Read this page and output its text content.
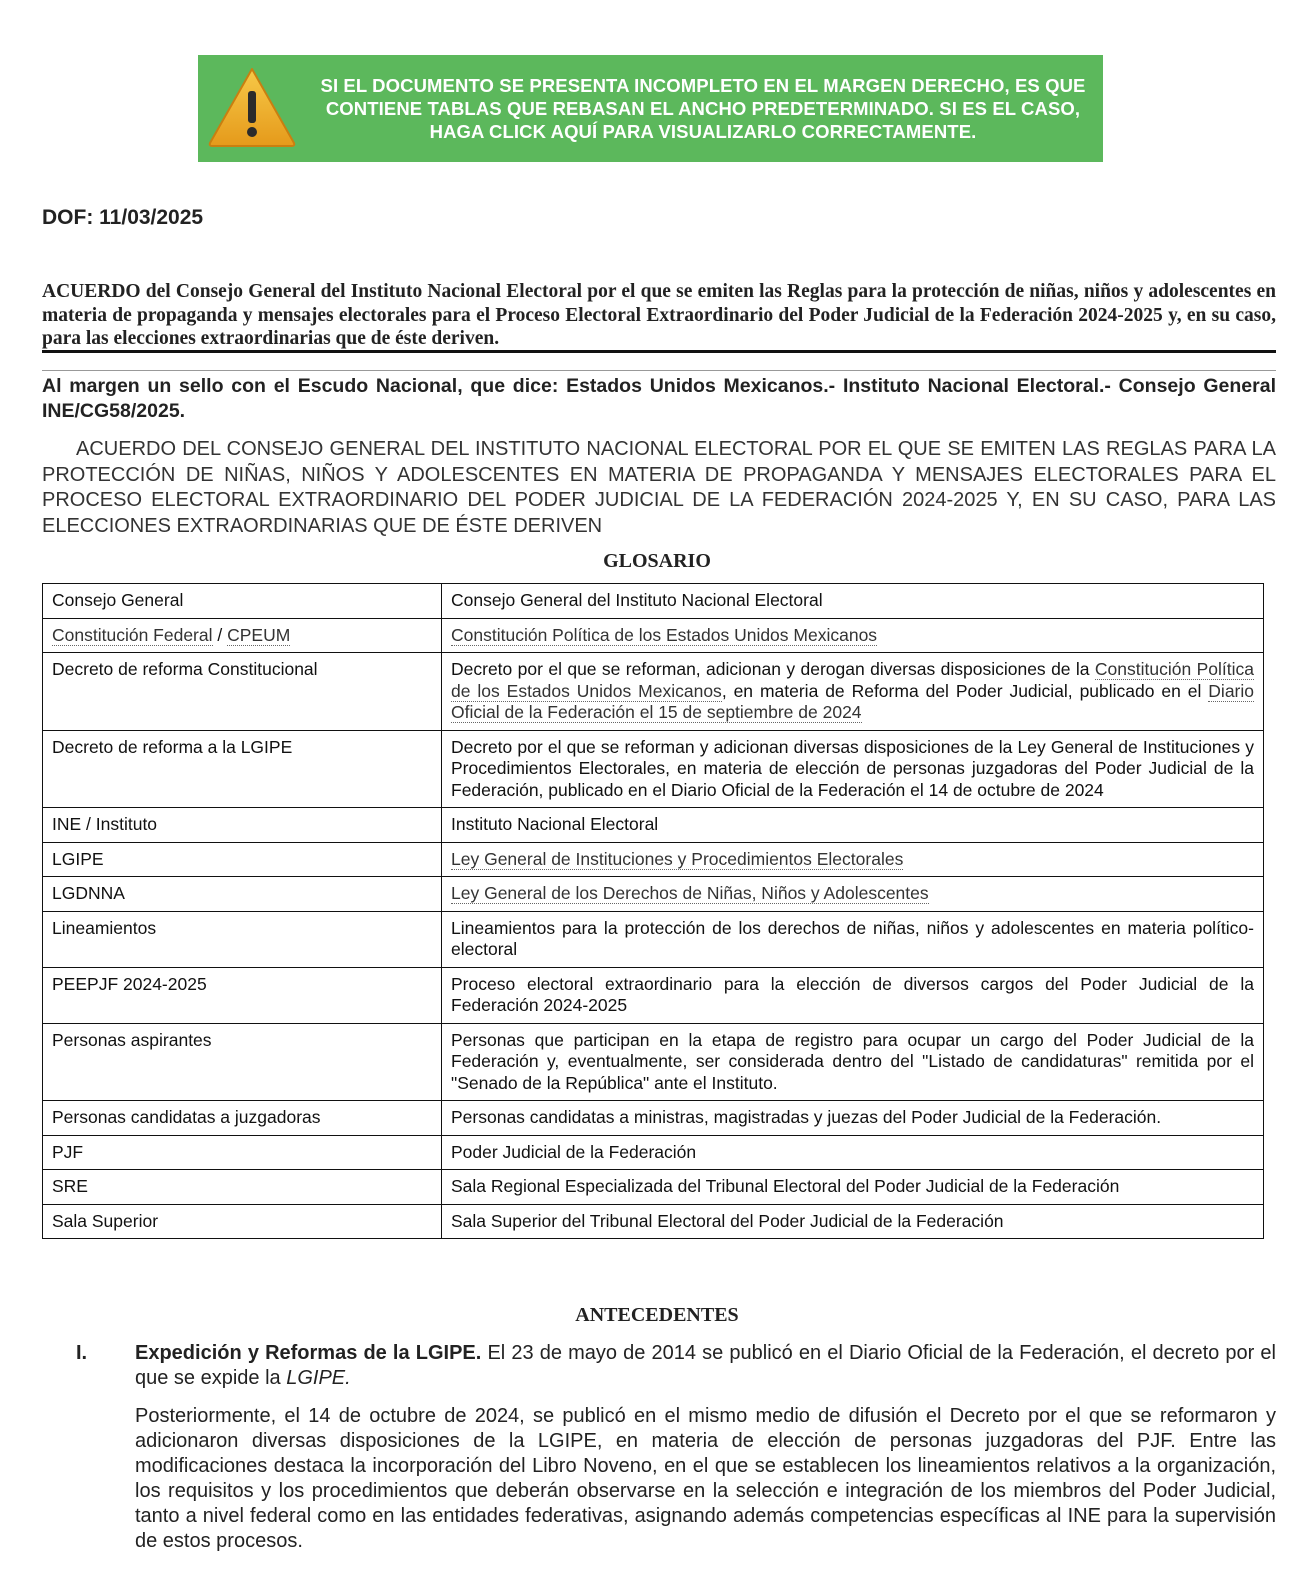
SI EL DOCUMENTO SE PRESENTA INCOMPLETO EN EL MARGEN DERECHO, ES QUE CONTIENE TABLAS QUE REBASAN EL ANCHO PREDETERMINADO. SI ES EL CASO, HAGA CLICK AQUÍ PARA VISUALIZARLO CORRECTAMENTE.
DOF: 11/03/2025
ACUERDO del Consejo General del Instituto Nacional Electoral por el que se emiten las Reglas para la protección de niñas, niños y adolescentes en materia de propaganda y mensajes electorales para el Proceso Electoral Extraordinario del Poder Judicial de la Federación 2024-2025 y, en su caso, para las elecciones extraordinarias que de éste deriven.
Al margen un sello con el Escudo Nacional, que dice: Estados Unidos Mexicanos.- Instituto Nacional Electoral.- Consejo General INE/CG58/2025.
ACUERDO DEL CONSEJO GENERAL DEL INSTITUTO NACIONAL ELECTORAL POR EL QUE SE EMITEN LAS REGLAS PARA LA PROTECCIÓN DE NIÑAS, NIÑOS Y ADOLESCENTES EN MATERIA DE PROPAGANDA Y MENSAJES ELECTORALES PARA EL PROCESO ELECTORAL EXTRAORDINARIO DEL PODER JUDICIAL DE LA FEDERACIÓN 2024-2025 Y, EN SU CASO, PARA LAS ELECCIONES EXTRAORDINARIAS QUE DE ÉSTE DERIVEN
GLOSARIO
Consejo General	Consejo General del Instituto Nacional Electoral
Constitución Federal / CPEUM	Constitución Política de los Estados Unidos Mexicanos
Decreto de reforma Constitucional	Decreto por el que se reforman, adicionan y derogan diversas disposiciones de la Constitución Política de los Estados Unidos Mexicanos, en materia de Reforma del Poder Judicial, publicado en el Diario Oficial de la Federación el 15 de septiembre de 2024
Decreto de reforma a la LGIPE	Decreto por el que se reforman y adicionan diversas disposiciones de la Ley General de Instituciones y Procedimientos Electorales, en materia de elección de personas juzgadoras del Poder Judicial de la Federación, publicado en el Diario Oficial de la Federación el 14 de octubre de 2024
INE / Instituto	Instituto Nacional Electoral
LGIPE	Ley General de Instituciones y Procedimientos Electorales
LGDNNA	Ley General de los Derechos de Niñas, Niños y Adolescentes
Lineamientos	Lineamientos para la protección de los derechos de niñas, niños y adolescentes en materia político-electoral
PEEPJF 2024-2025	Proceso electoral extraordinario para la elección de diversos cargos del Poder Judicial de la Federación 2024-2025
Personas aspirantes	Personas que participan en la etapa de registro para ocupar un cargo del Poder Judicial de la Federación y, eventualmente, ser considerada dentro del "Listado de candidaturas" remitida por el "Senado de la República" ante el Instituto.
Personas candidatas a juzgadoras	Personas candidatas a ministras, magistradas y juezas del Poder Judicial de la Federación.
PJF	Poder Judicial de la Federación
SRE	Sala Regional Especializada del Tribunal Electoral del Poder Judicial de la Federación
Sala Superior	Sala Superior del Tribunal Electoral del Poder Judicial de la Federación
ANTECEDENTES
I. Expedición y Reformas de la LGIPE. El 23 de mayo de 2014 se publicó en el Diario Oficial de la Federación, el decreto por el que se expide la LGIPE.
Posteriormente, el 14 de octubre de 2024, se publicó en el mismo medio de difusión el Decreto por el que se reformaron y adicionaron diversas disposiciones de la LGIPE, en materia de elección de personas juzgadoras del PJF. Entre las modificaciones destaca la incorporación del Libro Noveno, en el que se establecen los lineamientos relativos a la organización, los requisitos y los procedimientos que deberán observarse en la selección e integración de los miembros del Poder Judicial, tanto a nivel federal como en las entidades federativas, asignando además competencias específicas al INE para la supervisión de estos procesos.
